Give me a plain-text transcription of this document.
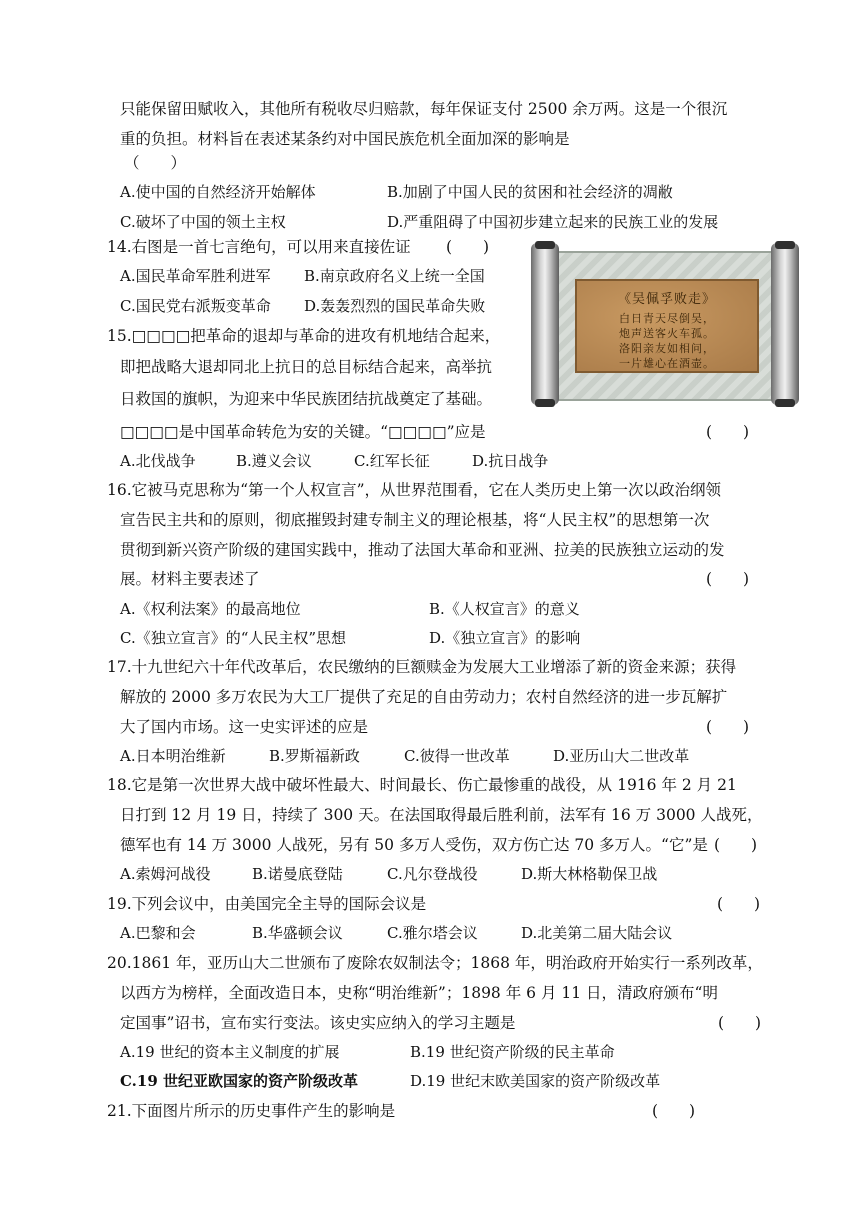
只能保留田赋收入，其他所有税收尽归赔款，每年保证支付 2500 余万两。这是一个很沉
重的负担。材料旨在表述某条约对中国民族危机全面加深的影响是
（　　）
A.使中国的自然经济开始解体	B.加剧了中国人民的贫困和社会经济的凋敝
C.破坏了中国的领土主权	D.严重阻碍了中国初步建立起来的民族工业的发展
14.右图是一首七言绝句，可以用来直接佐证 (　　)
A.国民革命军胜利进军 B.南京政府名义上统一全国
C.国民党右派叛变革命 D.轰轰烈烈的国民革命失败	《吴佩孚败走》
白日青天尽倒吴，
炮声送客火车孤。
洛阳亲友如相问，
一片雄心在酒壶。
15.□□□□把革命的退却与革命的进攻有机地结合起来，
即把战略大退却同北上抗日的总目标结合起来，高举抗
日救国的旗帜，为迎来中华民族团结抗战奠定了基础。
□□□□是中国革命转危为安的关键。“□□□□”应是	(　　)
A.北伐战争	B.遵义会议	C.红军长征	D.抗日战争
16.它被马克思称为“第一个人权宣言”，从世界范围看，它在人类历史上第一次以政治纲领
宣告民主共和的原则，彻底摧毁封建专制主义的理论根基，将“人民主权”的思想第一次
贯彻到新兴资产阶级的建国实践中，推动了法国大革命和亚洲、拉美的民族独立运动的发
展。材料主要表述了	(　　)
A.《权利法案》的最高地位	B.《人权宣言》的意义
C.《独立宣言》的“人民主权”思想	D.《独立宣言》的影响
17.十九世纪六十年代改革后，农民缴纳的巨额赎金为发展大工业增添了新的资金来源；获得
解放的 2000 多万农民为大工厂提供了充足的自由劳动力；农村自然经济的进一步瓦解扩
大了国内市场。这一史实评述的应是	(　　)
A.日本明治维新	B.罗斯福新政	C.彼得一世改革	D.亚历山大二世改革
18.它是第一次世界大战中破坏性最大、时间最长、伤亡最惨重的战役，从 1916 年 2 月 21
日打到 12 月 19 日，持续了 300 天。在法国取得最后胜利前，法军有 16 万 3000 人战死，
德军也有 14 万 3000 人战死，另有 50 多万人受伤，双方伤亡达 70 多万人。“它”是 (　　)
A.索姆河战役	B.诺曼底登陆	C.凡尔登战役	D.斯大林格勒保卫战
19.下列会议中，由美国完全主导的国际会议是	(　　)
A.巴黎和会	B.华盛顿会议	C.雅尔塔会议	D.北美第二届大陆会议
20.1861 年，亚历山大二世颁布了废除农奴制法令；1868 年，明治政府开始实行一系列改革，
以西方为榜样，全面改造日本，史称“明治维新”；1898 年 6 月 11 日，清政府颁布“明
定国事”诏书，宣布实行变法。该史实应纳入的学习主题是	(　　)
A.19 世纪的资本主义制度的扩展	B.19 世纪资产阶级的民主革命
C.19 世纪亚欧国家的资产阶级改革	D.19 世纪末欧美国家的资产阶级改革
21.下面图片所示的历史事件产生的影响是	(　　)
